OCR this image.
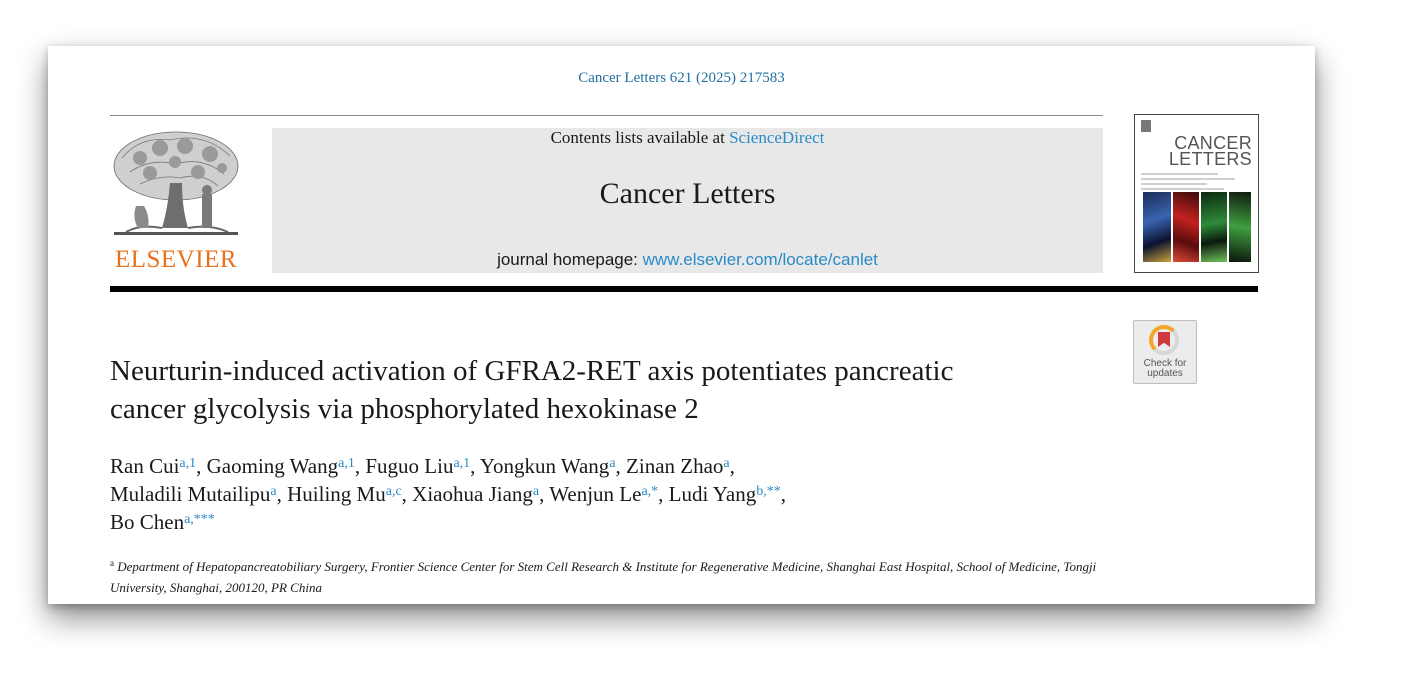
Cancer Letters 621 (2025) 217583
ELSEVIER
Contents lists available at ScienceDirect
Cancer Letters
journal homepage: www.elsevier.com/locate/canlet
CANCER
LETTERS
Check for
updates
Neurturin-induced activation of GFRA2-RET axis potentiates pancreatic
cancer glycolysis via phosphorylated hexokinase 2
Ran Cui$^{a,1}$, Gaoming Wang$^{a,1}$, Fuguo Liu$^{a,1}$, Yongkun Wang$^a$, Zinan Zhao$^a$,
Muladili Mutailipu$^a$, Huiling Mu$^{a,c}$, Xiaohua Jiang$^a$, Wenjun $Le^{a,*}$, Ludi Yang$^{b,**}$,
Bo Chen$^{a,***}$
$^a$ Department of Hepatopancreatobiliary Surgery, Frontier Science Center for Stem Cell Research & Institute for Regenerative Medicine, Shanghai East Hospital, School of Medicine, Tongji University, Shanghai, 200120, PR China
